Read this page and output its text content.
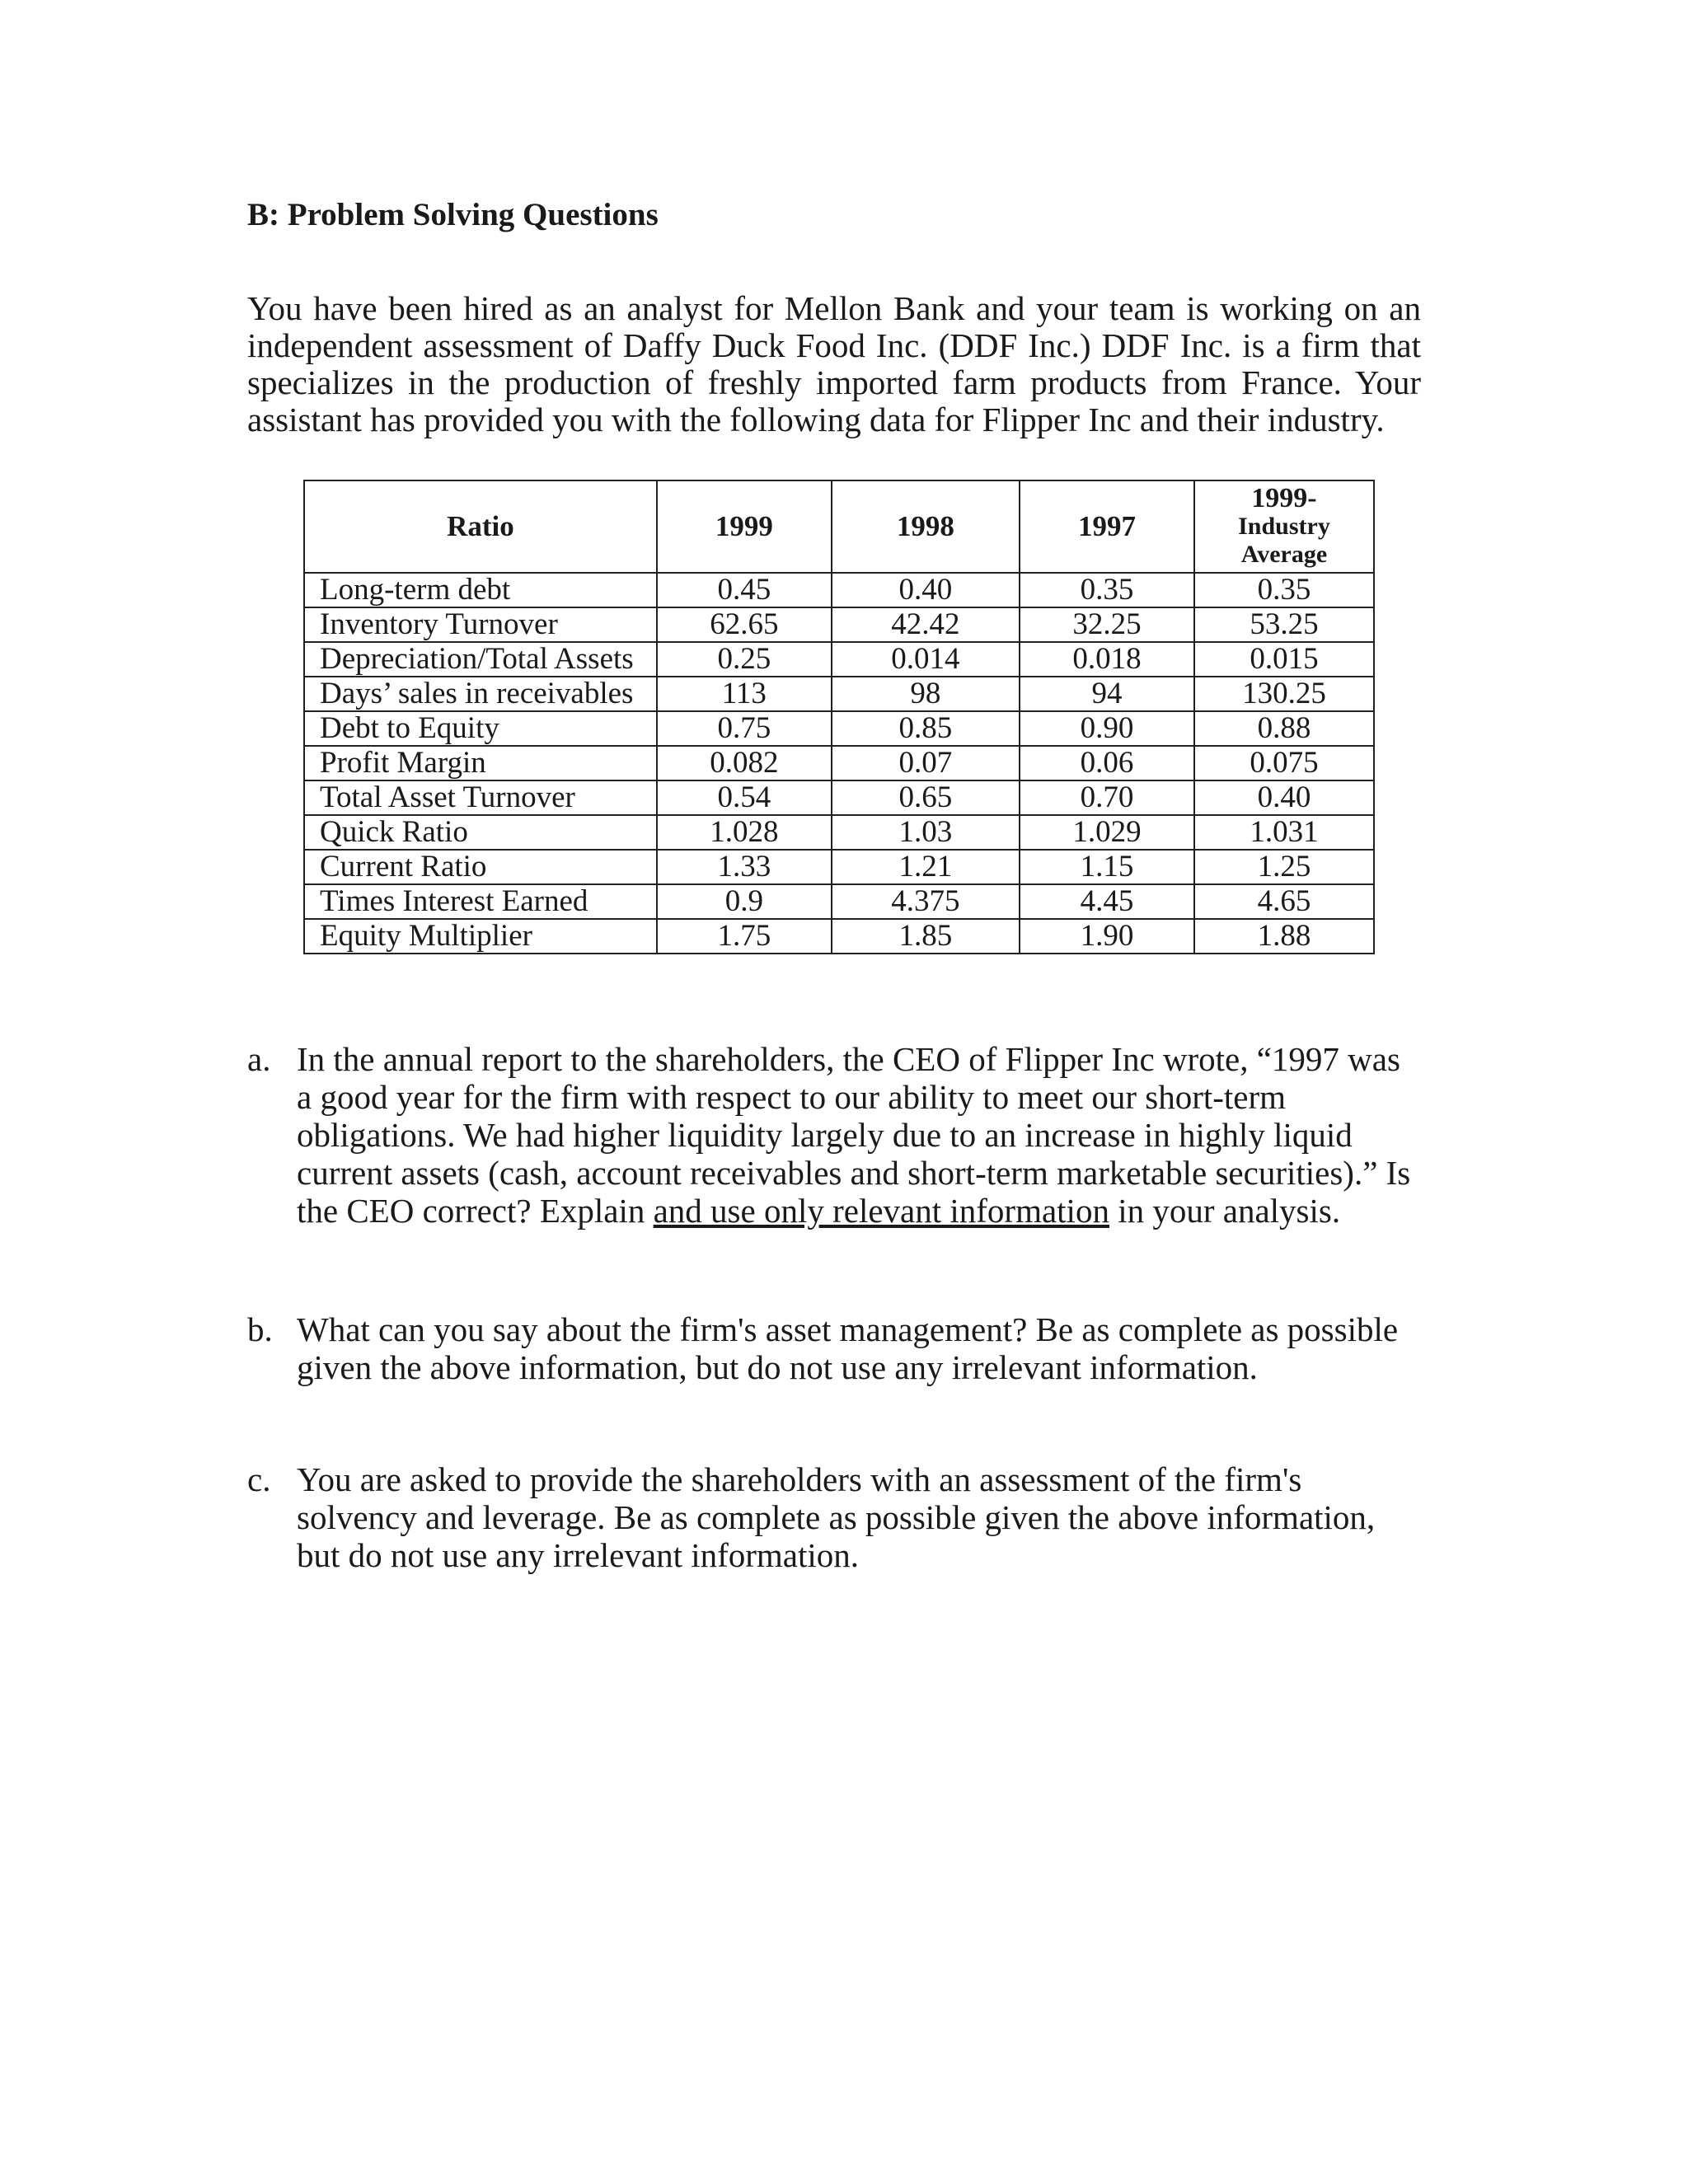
B: Problem Solving Questions

You have been hired as an analyst for Mellon Bank and your team is working on an independent assessment of Daffy Duck Food Inc. (DDF Inc.) DDF Inc. is a firm that specializes in the production of freshly imported farm products from France. Your assistant has provided you with the following data for Flipper Inc and their industry.

Ratio	1999	1998	1997	1999-
Industry
Average

Long-term debt	0.45	0.40	0.35	0.35
Inventory Turnover	62.65	42.42	32.25	53.25
Depreciation/Total Assets	0.25	0.014	0.018	0.015
Days’ sales in receivables	113	98	94	130.25
Debt to Equity	0.75	0.85	0.90	0.88
Profit Margin	0.082	0.07	0.06	0.075
Total Asset Turnover	0.54	0.65	0.70	0.40
Quick Ratio	1.028	1.03	1.029	1.031
Current Ratio	1.33	1.21	1.15	1.25
Times Interest Earned	0.9	4.375	4.45	4.65
Equity Multiplier	1.75	1.85	1.90	1.88
a. In the annual report to the shareholders, the CEO of Flipper Inc wrote, “1997 was a good year for the firm with respect to our ability to meet our short-term obligations. We had higher liquidity largely due to an increase in highly liquid current assets (cash, account receivables and short-term marketable securities).” Is the CEO correct? Explain and use only relevant information in your analysis.
b. What can you say about the firm's asset management? Be as complete as possible given the above information, but do not use any irrelevant information.
c. You are asked to provide the shareholders with an assessment of the firm's solvency and leverage. Be as complete as possible given the above information, but do not use any irrelevant information.
